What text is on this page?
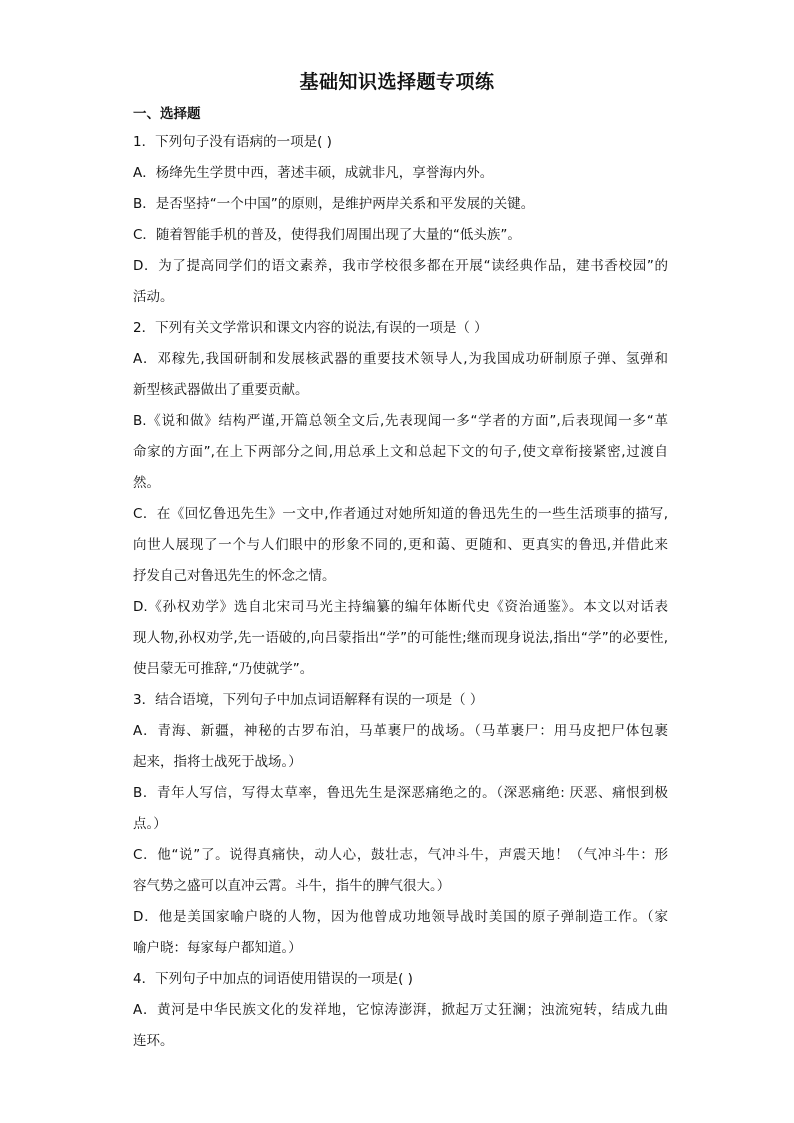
基础知识选择题专项练
一、选择题
1．下列句子没有语病的一项是( )
A．杨绛先生学贯中西，著述丰硕，成就非凡，享誉海内外。
B．是否坚持“一个中国”的原则，是维护两岸关系和平发展的关键。
C．随着智能手机的普及，使得我们周围出现了大量的“低头族”。
D．为了提高同学们的语文素养，我市学校很多都在开展“读经典作品，建书香校园”的
活动。
2．下列有关文学常识和课文内容的说法,有误的一项是（ ）
A．邓稼先,我国研制和发展核武器的重要技术领导人,为我国成功研制原子弹、氢弹和
新型核武器做出了重要贡献。
B.《说和做》结构严谨,开篇总领全文后,先表现闻一多“学者的方面”,后表现闻一多“革
命家的方面”,在上下两部分之间,用总承上文和总起下文的句子,使文章衔接紧密,过渡自
然。
C．在《回忆鲁迅先生》一文中,作者通过对她所知道的鲁迅先生的一些生活琐事的描写,
向世人展现了一个与人们眼中的形象不同的,更和蔼、更随和、更真实的鲁迅,并借此来
抒发自己对鲁迅先生的怀念之情。
D.《孙权劝学》选自北宋司马光主持编纂的编年体断代史《资治通鉴》。本文以对话表
现人物,孙权劝学,先一语破的,向吕蒙指出“学”的可能性;继而现身说法,指出“学”的必要性,
使吕蒙无可推辞,“乃使就学”。
3．结合语境，下列句子中加点词语解释有误的一项是（ ）
A．青海、新疆，神秘的古罗布泊，马革裹尸的战场。（马革裹尸：用马皮把尸体包裹
起来，指将士战死于战场。）
B．青年人写信，写得太草率，鲁迅先生是深恶痛绝之的。（深恶痛绝: 厌恶、痛恨到极
点。）
C．他“说”了。说得真痛快，动人心，鼓壮志，气冲斗牛，声震天地！（气冲斗牛：形
容气势之盛可以直冲云霄。斗牛，指牛的脾气很大。）
D．他是美国家喻户晓的人物，因为他曾成功地领导战时美国的原子弹制造工作。（家
喻户晓：每家每户都知道。）
4．下列句子中加点的词语使用错误的一项是( )
A．黄河是中华民族文化的发祥地，它惊涛澎湃，掀起万丈狂澜；浊流宛转，结成九曲
连环。
